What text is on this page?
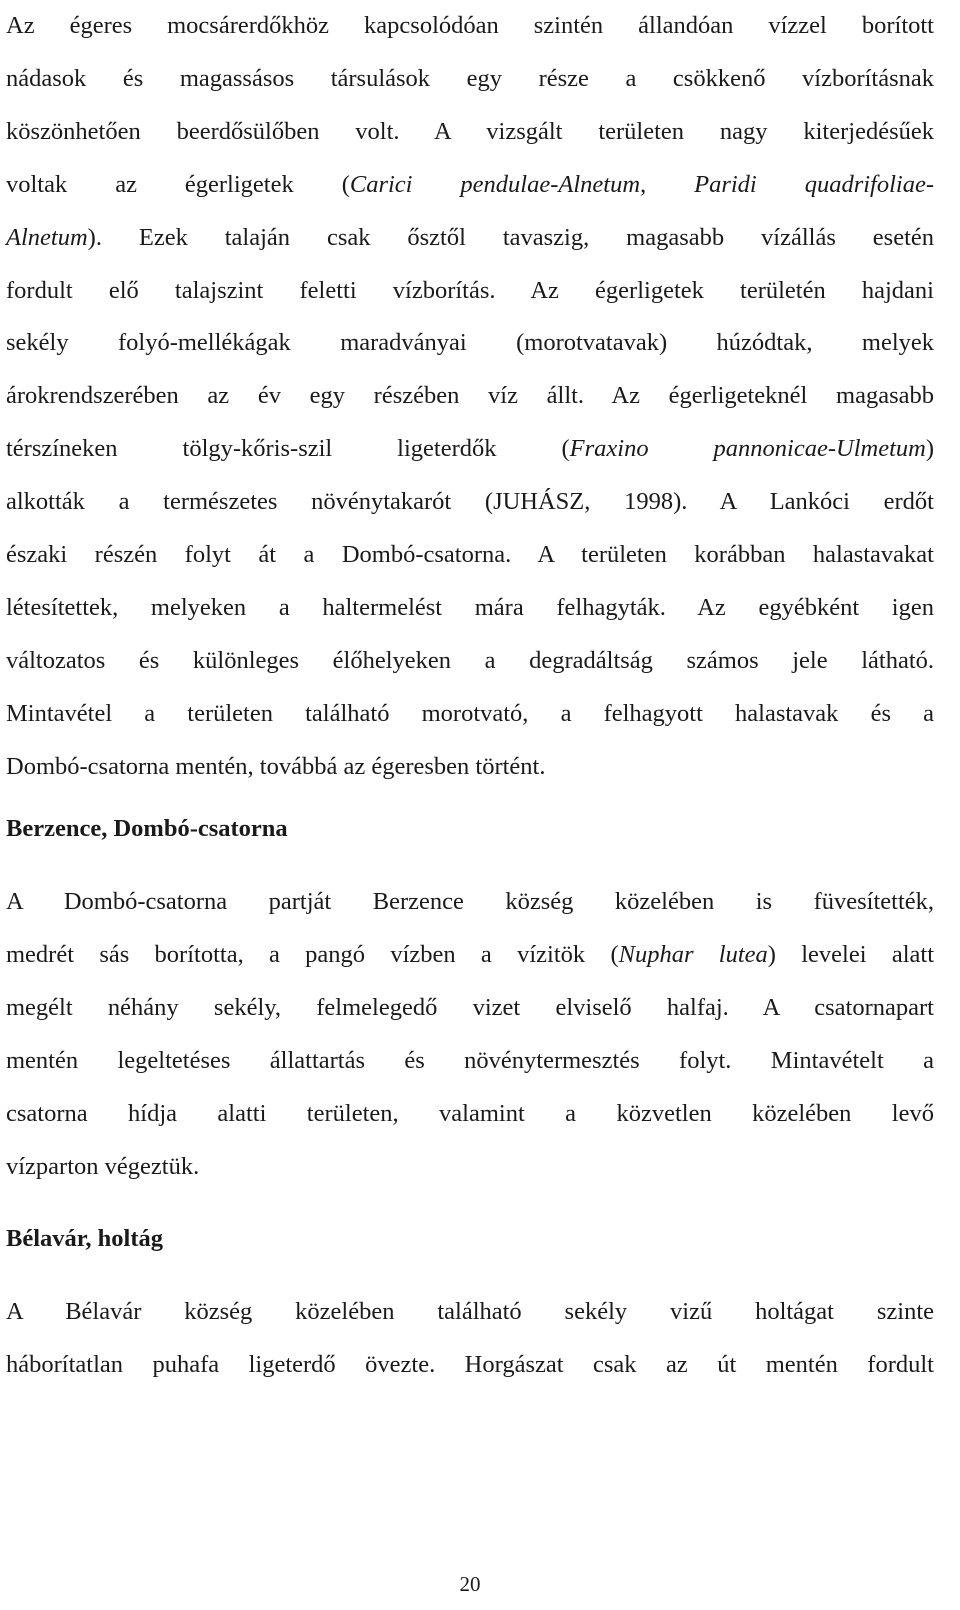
Az égeres mocsárerdőkhöz kapcsolódóan szintén állandóan vízzel borított
nádasok és magassásos társulások egy része a csökkenő vízborításnak
köszönhetően beerdősülőben volt. A vizsgált területen nagy kiterjedésűek
voltak az égerligetek (Carici pendulae-Alnetum, Paridi quadrifoliae-
Alnetum). Ezek talaján csak ősztől tavaszig, magasabb vízállás esetén
fordult elő talajszint feletti vízborítás. Az égerligetek területén hajdani
sekély folyó-mellékágak maradványai (morotvatavak) húzódtak, melyek
árokrendszerében az év egy részében víz állt. Az égerligeteknél magasabb
térszíneken tölgy-kőris-szil ligeterdők (Fraxino pannonicae-Ulmetum)
alkották a természetes növénytakarót (JUHÁSZ, 1998). A Lankóci erdőt
északi részén folyt át a Dombó-csatorna. A területen korábban halastavakat
létesítettek, melyeken a haltermelést mára felhagyták. Az egyébként igen
változatos és különleges élőhelyeken a degradáltság számos jele látható.
Mintavétel a területen található morotvató, a felhagyott halastavak és a
Dombó-csatorna mentén, továbbá az égeresben történt.
Berzence, Dombó-csatorna
A Dombó-csatorna partját Berzence község közelében is füvesítették,
medrét sás borította, a pangó vízben a vízitök (Nuphar lutea) levelei alatt
megélt néhány sekély, felmelegedő vizet elviselő halfaj. A csatornapart
mentén legeltetéses állattartás és növénytermesztés folyt. Mintavételt a
csatorna hídja alatti területen, valamint a közvetlen közelében levő
vízparton végeztük.
Bélavár, holtág
A Bélavár község közelében található sekély vizű holtágat szinte
háborítatlan puhafa ligeterdő övezte. Horgászat csak az út mentén fordult
20
